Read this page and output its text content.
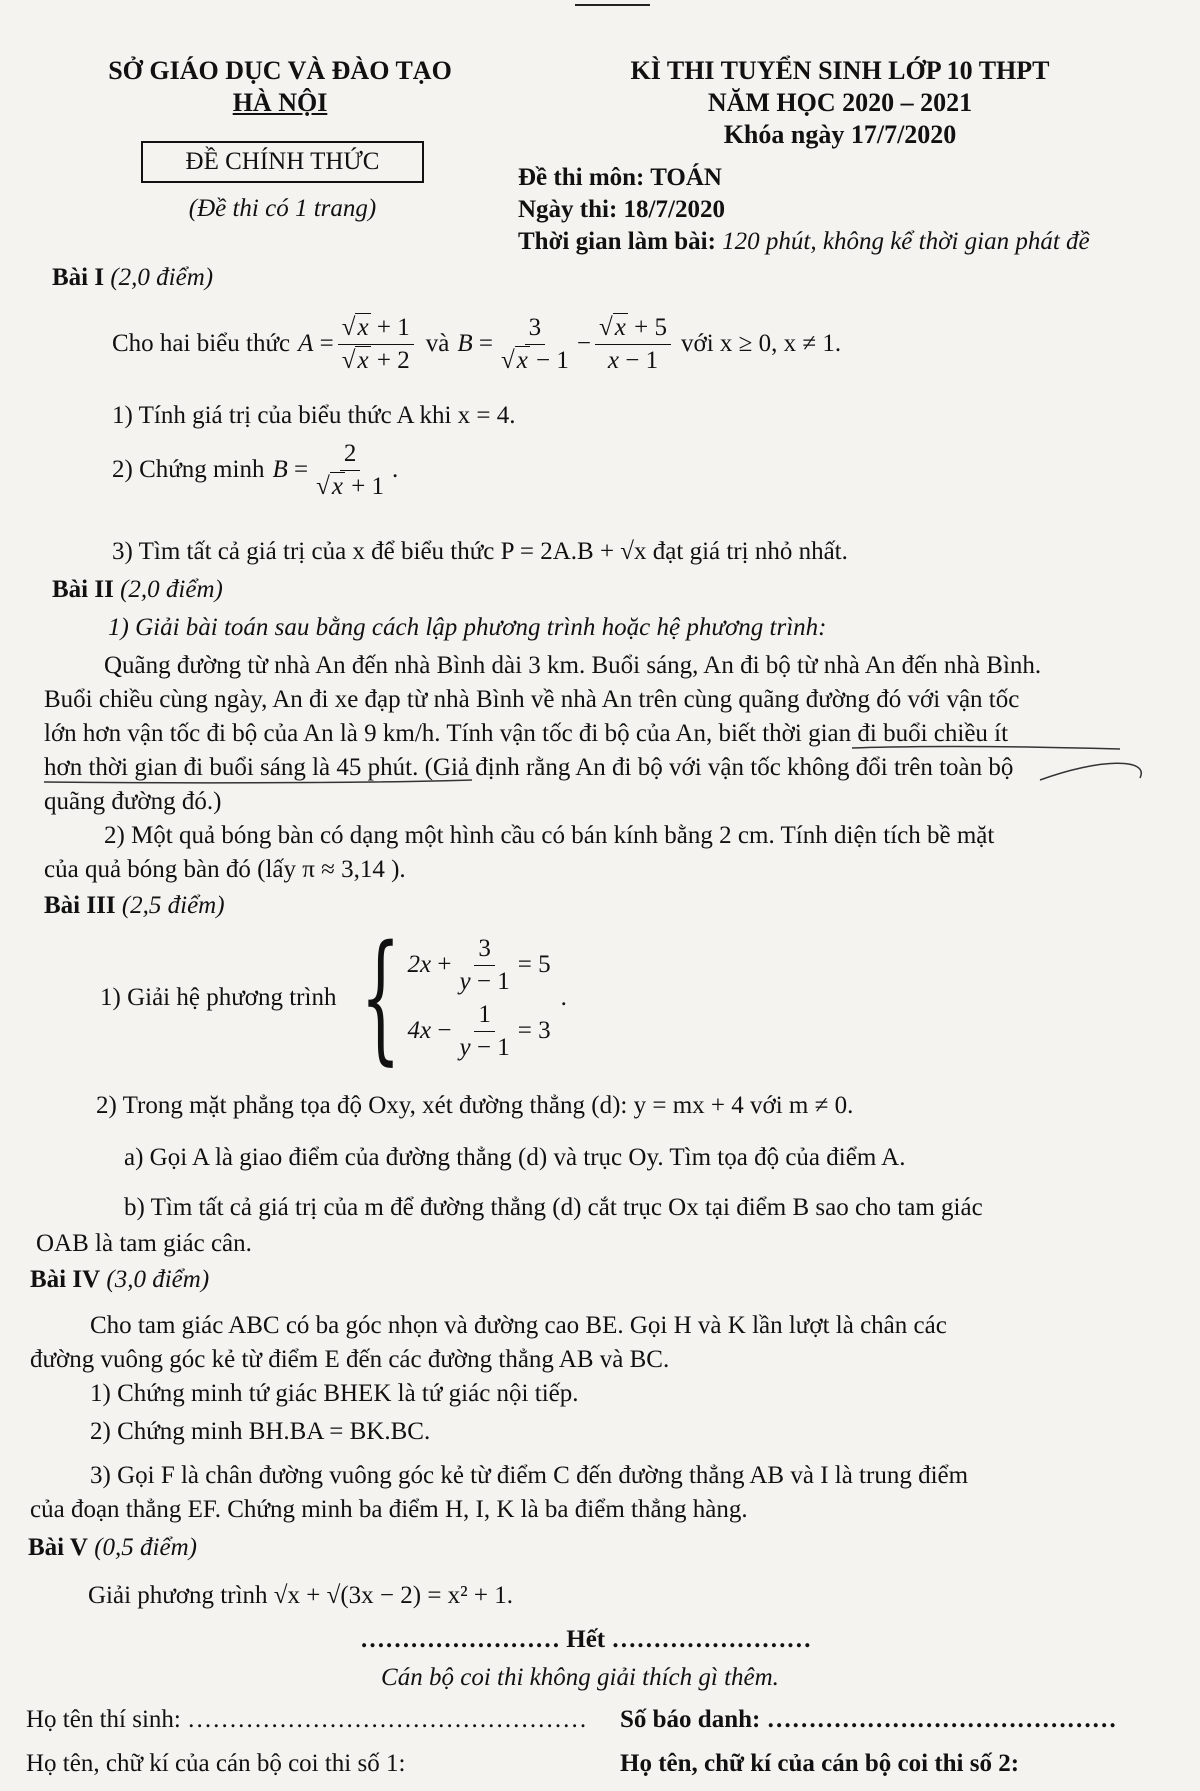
SỞ GIÁO DỤC VÀ ĐÀO TẠO
HÀ NỘI
ĐỀ CHÍNH THỨC
(Đề thi có 1 trang)
KÌ THI TUYỂN SINH LỚP 10 THPT
NĂM HỌC 2020 – 2021
Khóa ngày 17/7/2020
Đề thi môn: TOÁN
Ngày thi: 18/7/2020
Thời gian làm bài: 120 phút, không kể thời gian phát đề
Bài I (2,0 điểm)
Cho hai biểu thức $A = \frac{√x + 1}{√x + 2}$ và $B = \frac{3}{√x - 1} - \frac{√x + 5}{x - 1}$ với x ≥ 0, x ≠ 1.
1) Tính giá trị của biểu thức A khi x = 4.
2) Chứng minh $B = \frac{2}{√x + 1}$ .
3) Tìm tất cả giá trị của x để biểu thức P = 2A.B + √x đạt giá trị nhỏ nhất.
Bài II (2,0 điểm)
1) Giải bài toán sau bằng cách lập phương trình hoặc hệ phương trình:
Quãng đường từ nhà An đến nhà Bình dài 3 km. Buổi sáng, An đi bộ từ nhà An đến nhà Bình.
Buổi chiều cùng ngày, An đi xe đạp từ nhà Bình về nhà An trên cùng quãng đường đó với vận tốc
lớn hơn vận tốc đi bộ của An là 9 km/h. Tính vận tốc đi bộ của An, biết thời gian đi buổi chiều ít
hơn thời gian đi buổi sáng là 45 phút. (Giả định rằng An đi bộ với vận tốc không đổi trên toàn bộ
quãng đường đó.)
2) Một quả bóng bàn có dạng một hình cầu có bán kính bằng 2 cm. Tính diện tích bề mặt
của quả bóng bàn đó (lấy π ≈ 3,14 ).
Bài III (2,5 điểm)
1) Giải hệ phương trình { $2x + \frac{3}{y - 1} = 5$
$4x - \frac{1}{y - 1} = 3$
.
2) Trong mặt phẳng tọa độ Oxy, xét đường thẳng (d): y = mx + 4 với m ≠ 0.
a) Gọi A là giao điểm của đường thẳng (d) và trục Oy. Tìm tọa độ của điểm A.
b) Tìm tất cả giá trị của m để đường thẳng (d) cắt trục Ox tại điểm B sao cho tam giác
OAB là tam giác cân.
Bài IV (3,0 điểm)
Cho tam giác ABC có ba góc nhọn và đường cao BE. Gọi H và K lần lượt là chân các
đường vuông góc kẻ từ điểm E đến các đường thẳng AB và BC.
1) Chứng minh tứ giác BHEK là tứ giác nội tiếp.
2) Chứng minh BH.BA = BK.BC.
3) Gọi F là chân đường vuông góc kẻ từ điểm C đến đường thẳng AB và I là trung điểm
của đoạn thẳng EF. Chứng minh ba điểm H, I, K là ba điểm thẳng hàng.
Bài V (0,5 điểm)
Giải phương trình √x + √(3x − 2) = x² + 1.
…………………… Hết ……………………
Cán bộ coi thi không giải thích gì thêm.
Họ tên thí sinh: ………………………………………… Số báo danh: ……………………………………
Họ tên, chữ kí của cán bộ coi thi số 1:	Họ tên, chữ kí của cán bộ coi thi số 2:
